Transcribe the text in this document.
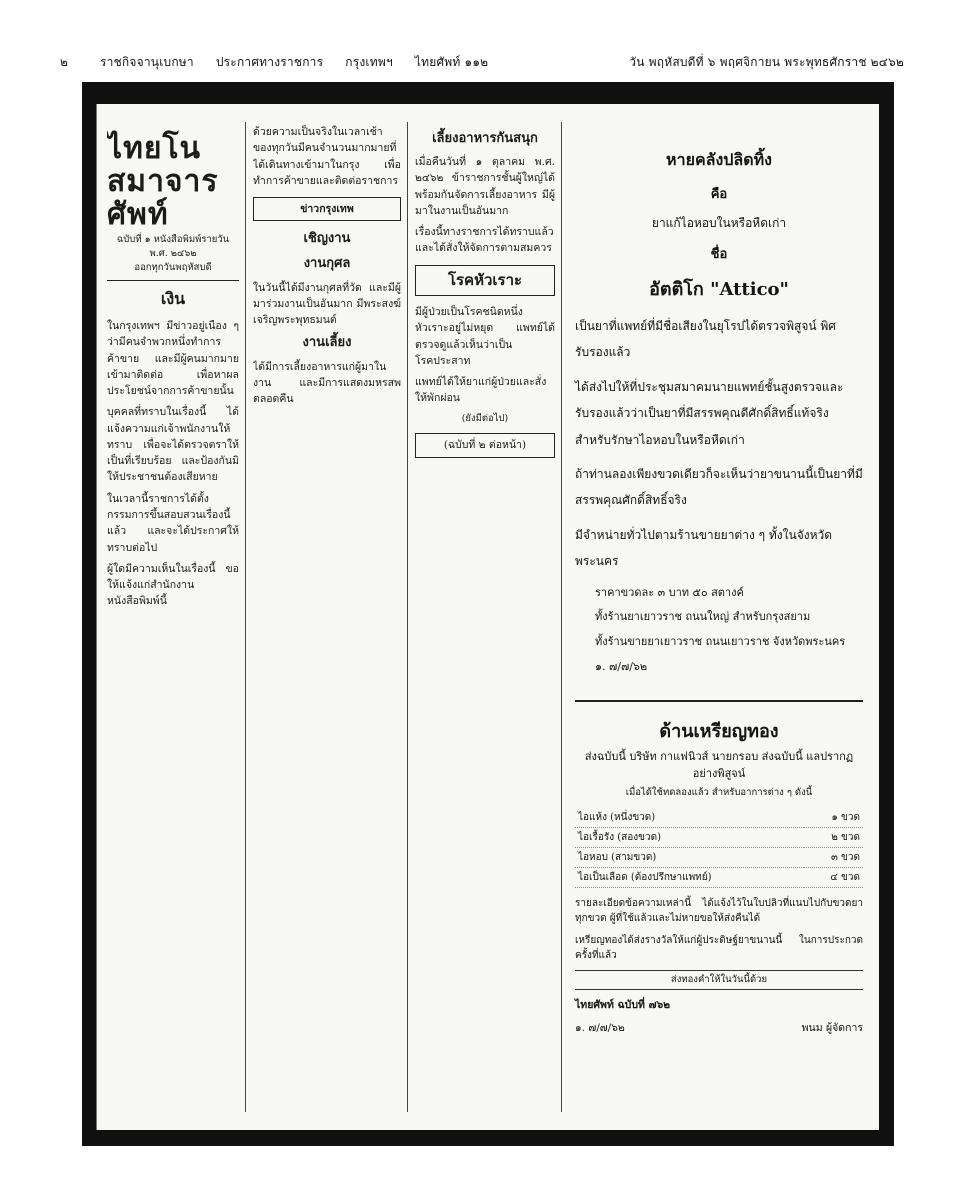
๒	ราชกิจจานุเบกษา ประกาศทางราชการ กรุงเทพฯ ไทยศัพท์ ๑๑๒	วัน พฤหัสบดีที่ ๖ พฤศจิกายน พระพุทธศักราช ๒๔๖๒
ไทยโนสมาจารศัพท์
ฉบับที่ ๑ หนังสือพิมพ์รายวัน พ.ศ. ๒๔๖๒
ออกทุกวันพฤหัสบดี
เงิน

ในกรุงเทพฯ มีข่าวอยู่เนือง ๆ ว่ามีคนจำพวกหนึ่งทำการค้าขาย และมีผู้คนมากมายเข้ามาติดต่อ เพื่อหาผลประโยชน์จากการค้าขายนั้น

บุคคลที่ทราบในเรื่องนี้ ได้แจ้งความแก่เจ้าพนักงานให้ทราบ เพื่อจะได้ตรวจตราให้เป็นที่เรียบร้อย และป้องกันมิให้ประชาชนต้องเสียหาย

ในเวลานี้ราชการได้ตั้งกรรมการขึ้นสอบสวนเรื่องนี้แล้ว และจะได้ประกาศให้ทราบต่อไป

ผู้ใดมีความเห็นในเรื่องนี้ ขอให้แจ้งแก่สำนักงานหนังสือพิมพ์นี้

ด้วยความเป็นจริงในเวลาเช้า ของทุกวันมีคนจำนวนมากมายที่ได้เดินทางเข้ามาในกรุง เพื่อทำการค้าขายและติดต่อราชการ

ข่าวกรุงเทพ
เชิญงาน
งานกุศล

ในวันนี้ได้มีงานกุศลที่วัด และมีผู้มาร่วมงานเป็นอันมาก มีพระสงฆ์เจริญพระพุทธมนต์

งานเลี้ยง

ได้มีการเลี้ยงอาหารแก่ผู้มาในงาน และมีการแสดงมหรสพตลอดคืน

เลี้ยงอาหารกันสนุก

เมื่อคืนวันที่ ๑ ตุลาคม พ.ศ. ๒๔๖๒ ข้าราชการชั้นผู้ใหญ่ได้พร้อมกันจัดการเลี้ยงอาหาร มีผู้มาในงานเป็นอันมาก

เรื่องนี้ทางราชการได้ทราบแล้ว และได้สั่งให้จัดการตามสมควร

โรคหัวเราะ

มีผู้ป่วยเป็นโรคชนิดหนึ่ง หัวเราะอยู่ไม่หยุด แพทย์ได้ตรวจดูแล้วเห็นว่าเป็นโรคประสาท

แพทย์ได้ให้ยาแก่ผู้ป่วยและสั่งให้พักผ่อน

(ยังมีต่อไป)
(ฉบับที่ ๒ ต่อหน้า)
หายคลังปลิดทิ้ง
คือ
ยาแก้ไอหอบในหรือหืดเก่า
ชื่อ
อัตติโก "Attico"

เป็นยาที่แพทย์ที่มีชื่อเสียงในยุโรปได้ตรวจพิสูจน์ พิศรับรองแล้ว

ได้ส่งไปให้ที่ประชุมสมาคมนายแพทย์ชั้นสูงตรวจและรับรองแล้วว่าเป็นยาที่มีสรรพคุณดีศักดิ์สิทธิ์แท้จริง สำหรับรักษาไอหอบในหรือหืดเก่า

ถ้าท่านลองเพียงขวดเดียวก็จะเห็นว่ายาขนานนี้เป็นยาที่มีสรรพคุณศักดิ์สิทธิ์จริง

มีจำหน่ายทั่วไปตามร้านขายยาต่าง ๆ ทั้งในจังหวัดพระนคร

ราคาขวดละ ๓ บาท ๕๐ สตางค์
ทั้งร้านยาเยาวราช ถนนใหญ่ สำหรับกรุงสยาม
ทั้งร้านขายยาเยาวราช ถนนเยาวราช จังหวัดพระนคร
๑. ๗/๗/๖๒
ด้านเหรียญทอง
ส่งฉบับนี้ บริษัท กาแฟนิวส์ นายกรอบ ส่งฉบับนี้ แลปรากฏอย่างพิสูจน์
เมื่อได้ใช้ทดลองแล้ว สำหรับอาการต่าง ๆ ดังนี้
ไอแห้ง (หนึ่งขวด)	๑ ขวด
ไอเรื้อรัง (สองขวด)	๒ ขวด
ไอหอบ (สามขวด)	๓ ขวด
ไอเป็นเลือด (ต้องปรึกษาแพทย์)	๔ ขวด
รายละเอียดข้อความเหล่านี้ ได้แจ้งไว้ในใบปลิวที่แนบไปกับขวดยาทุกขวด ผู้ที่ใช้แล้วและไม่หายขอให้ส่งคืนได้
เหรียญทองได้ส่งรางวัลให้แก่ผู้ประดิษฐ์ยาขนานนี้ ในการประกวดครั้งที่แล้ว
ส่งทองคำให้ในวันนี้ด้วย
ไทยศัพท์ ฉบับที่ ๗๖๒
๑. ๗/๗/๖๒	พนม ผู้จัดการ
